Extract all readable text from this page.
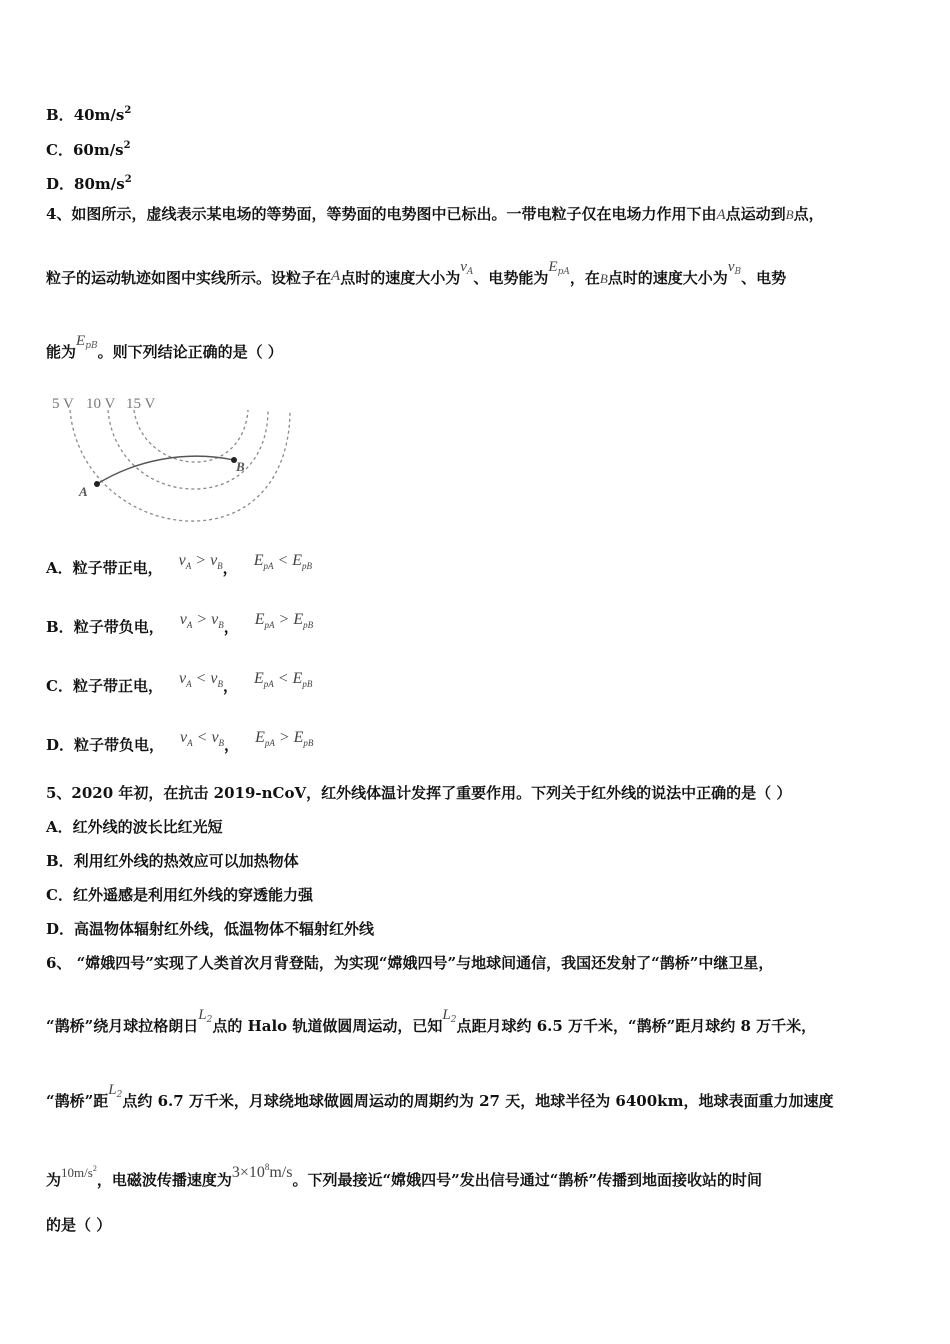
B．$40m/s^2$
C．$60m/s^2$
D．$80m/s^2$
4、如图所示，虚线表示某电场的等势面，等势面的电势图中已标出。一带电粒子仅在电场力作用下由A点运动到B点，
粒子的运动轨迹如图中实线所示。设粒子在A点时的速度大小为$v_A$、电势能为$E_{pA}$，在B点时的速度大小为$v_B$、电势
能为$E_{pB}$。则下列结论正确的是（ ）
5 V 10 V 15 V
A
B
A．粒子带正电， $v_A > v_B$， $E_{pA} < E_{pB}$
B．粒子带负电， $v_A > v_B$， $E_{pA} > E_{pB}$
C．粒子带正电， $v_A < v_B$， $E_{pA} < E_{pB}$
D．粒子带负电， $v_A < v_B$， $E_{pA} > E_{pB}$
5、2020 年初，在抗击 2019-nCoV，红外线体温计发挥了重要作用。下列关于红外线的说法中正确的是（ ）
A．红外线的波长比红光短
B．利用红外线的热效应可以加热物体
C．红外遥感是利用红外线的穿透能力强
D．高温物体辐射红外线，低温物体不辐射红外线
6、 “嫦娥四号”实现了人类首次月背登陆，为实现“嫦娥四号”与地球间通信，我国还发射了“鹊桥”中继卫星，
“鹊桥”绕月球拉格朗日$L_2$点的 Halo 轨道做圆周运动，已知$L_2$点距月球约 6.5 万千米，“鹊桥”距月球约 8 万千米，
“鹊桥”距$L_2$点约 6.7 万千米，月球绕地球做圆周运动的周期约为 27 天，地球半径为 6400km，地球表面重力加速度
为$10m/s^2$，电磁波传播速度为$3\times 10^8m/s$。下列最接近“嫦娥四号”发出信号通过“鹊桥”传播到地面接收站的时间
的是（ ）
